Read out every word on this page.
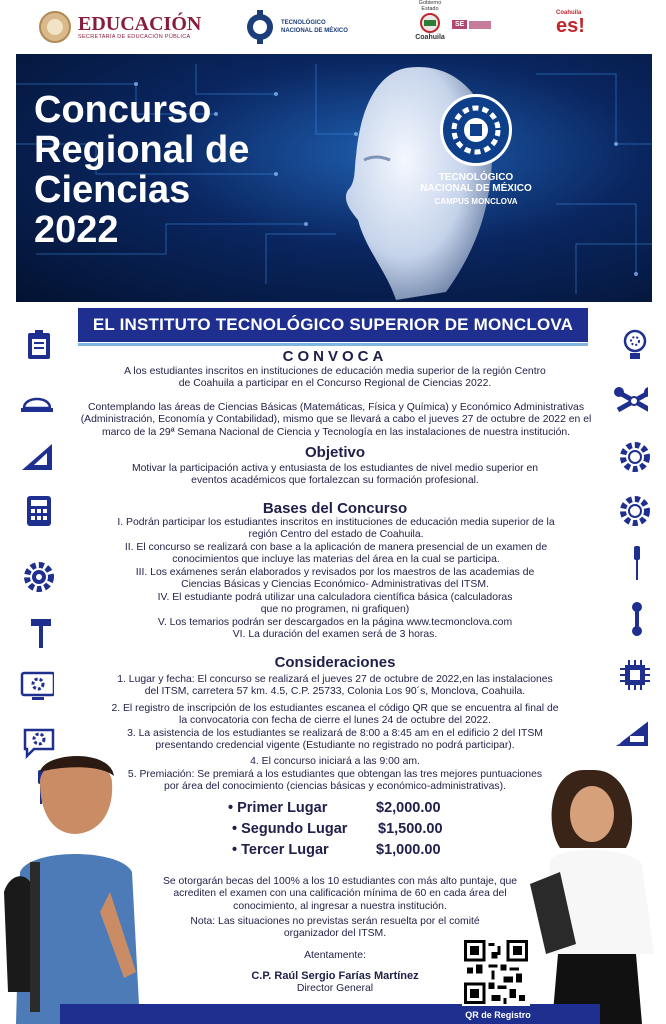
EDUCACIÓN
SECRETARÍA DE EDUCACIÓN PÚBLICA
TECNOLÓGICO
NACIONAL DE MÉXICO
Gobierno
Estado
Coahuila
SE
Coahuila
es!
Concurso
Regional de
Ciencias
2022
TECNOLÓGICO
NACIONAL DE MÉXICO
CAMPUS MONCLOVA
EL INSTITUTO TECNOLÓGICO SUPERIOR DE MONCLOVA
CONVOCA
A los estudiantes inscritos en instituciones de educación media superior de la región Centro de Coahuila a participar en el Concurso Regional de Ciencias 2022.
Contemplando las áreas de Ciencias Básicas (Matemáticas, Física y Química) y Económico Administrativas (Administración, Economía y Contabilidad), mismo que se llevará a cabo el jueves 27 de octubre de 2022 en el marco de la 29ª Semana Nacional de Ciencia y Tecnología en las instalaciones de nuestra institución.
Objetivo
Motivar la participación activa y entusiasta de los estudiantes de nivel medio superior en eventos académicos que fortalezcan su formación profesional.
Bases del Concurso
I. Podrán participar los estudiantes inscritos en instituciones de educación media superior de la región Centro del estado de Coahuila.
II. El concurso se realizará con base a la aplicación de manera presencial de un examen de conocimientos que incluye las materias del área en la cual se participa.
III. Los exámenes serán elaborados y revisados por los maestros de las academias de Ciencias Básicas y Ciencias Económico- Administrativas del ITSM.
IV. El estudiante podrá utilizar una calculadora científica básica (calculadoras que no programen, ni grafiquen)
V. Los temarios podrán ser descargados en la página www.tecmonclova.com
VI. La duración del examen será de 3 horas.
Consideraciones
1. Lugar y fecha: El concurso se realizará el jueves 27 de octubre de 2022,en las instalaciones del ITSM, carretera 57 km. 4.5, C.P. 25733, Colonia Los 90´s, Monclova, Coahuila.
2. El registro de inscripción de los estudiantes escanea el código QR que se encuentra al final de la convocatoria con fecha de cierre el lunes 24 de octubre del 2022.
3. La asistencia de los estudiantes se realizará de 8:00 a 8:45 am en el edificio 2 del ITSM presentando credencial vigente (Estudiante no registrado no podrá participar).
4. El concurso iniciará a las 9:00 am.
5. Premiación: Se premiará a los estudiantes que obtengan las tres mejores puntuaciones por área del conocimiento (ciencias básicas y económico-administrativas).
• Primer Lugar	$2,000.00
• Segundo Lugar $1,500.00
• Tercer Lugar	$1,000.00
Se otorgarán becas del 100% a los 10 estudiantes con más alto puntaje, que acrediten el examen con una calificación mínima de 60 en cada área del conocimiento, al ingresar a nuestra institución.
Nota: Las situaciones no previstas serán resuelta por el comité organizador del ITSM.
Atentamente:
C.P. Raúl Sergio Farías Martínez
Director General
QR de Registro
